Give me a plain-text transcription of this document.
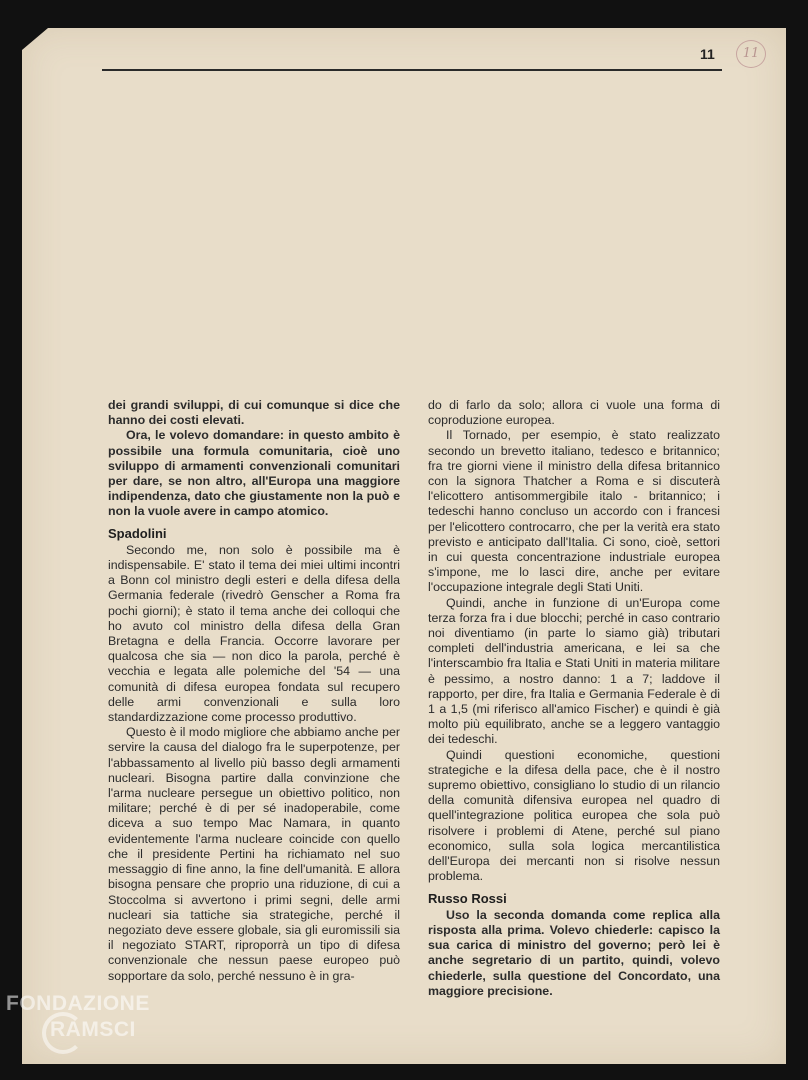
11	11

dei grandi sviluppi, di cui comunque si dice che hanno dei costi elevati.

Ora, le volevo domandare: in questo ambito è possibile una formula comunitaria, cioè uno sviluppo di armamenti convenzionali comunitari per dare, se non altro, all'Europa una maggiore indipendenza, dato che giustamente non la può e non la vuole avere in campo atomico.

Spadolini

Secondo me, non solo è possibile ma è indispensabile. E' stato il tema dei miei ultimi incontri a Bonn col ministro degli esteri e della difesa della Germania federale (rivedrò Genscher a Roma fra pochi giorni); è stato il tema anche dei colloqui che ho avuto col ministro della difesa della Gran Bretagna e della Francia. Occorre lavorare per qualcosa che sia — non dico la parola, perché è vecchia e legata alle polemiche del '54 — una comunità di difesa europea fondata sul recupero delle armi convenzionali e sulla loro standardizzazione come processo produttivo.

Questo è il modo migliore che abbiamo anche per servire la causa del dialogo fra le superpotenze, per l'abbassamento al livello più basso degli armamenti nucleari. Bisogna partire dalla convinzione che l'arma nucleare persegue un obiettivo politico, non militare; perché è di per sé inadoperabile, come diceva a suo tempo Mac Namara, in quanto evidentemente l'arma nucleare coincide con quello che il presidente Pertini ha richiamato nel suo messaggio di fine anno, la fine dell'umanità. E allora bisogna pensare che proprio una riduzione, di cui a Stoccolma si avvertono i primi segni, delle armi nucleari sia tattiche sia strategiche, perché il negoziato deve essere globale, sia gli euromissili sia il negoziato START, riproporrà un tipo di difesa convenzionale che nessun paese europeo può sopportare da solo, perché nessuno è in gra-

do di farlo da solo; allora ci vuole una forma di coproduzione europea.

Il Tornado, per esempio, è stato realizzato secondo un brevetto italiano, tedesco e britannico; fra tre giorni viene il ministro della difesa britannico con la signora Thatcher a Roma e si discuterà l'elicottero antisommergibile italo - britannico; i tedeschi hanno concluso un accordo con i francesi per l'elicottero controcarro, che per la verità era stato previsto e anticipato dall'Italia. Ci sono, cioè, settori in cui questa concentrazione industriale europea s'impone, me lo lasci dire, anche per evitare l'occupazione integrale degli Stati Uniti.

Quindi, anche in funzione di un'Europa come terza forza fra i due blocchi; perché in caso contrario noi diventiamo (in parte lo siamo già) tributari completi dell'industria americana, e lei sa che l'interscambio fra Italia e Stati Uniti in materia militare è pessimo, a nostro danno: 1 a 7; laddove il rapporto, per dire, fra Italia e Germania Federale è di 1 a 1,5 (mi riferisco all'amico Fischer) e quindi è già molto più equilibrato, anche se a leggero vantaggio dei tedeschi.

Quindi questioni economiche, questioni strategiche e la difesa della pace, che è il nostro supremo obiettivo, consigliano lo studio di un rilancio della comunità difensiva europea nel quadro di quell'integrazione politica europea che sola può risolvere i problemi di Atene, perché sul piano economico, sulla sola logica mercantilistica dell'Europa dei mercanti non si risolve nessun problema.

Russo Rossi

Uso la seconda domanda come replica alla risposta alla prima. Volevo chiederle: capisco la sua carica di ministro del governo; però lei è anche segretario di un partito, quindi, volevo chiederle, sulla questione del Concordato, una maggiore precisione.

FONDAZIONE
RAMSCI
